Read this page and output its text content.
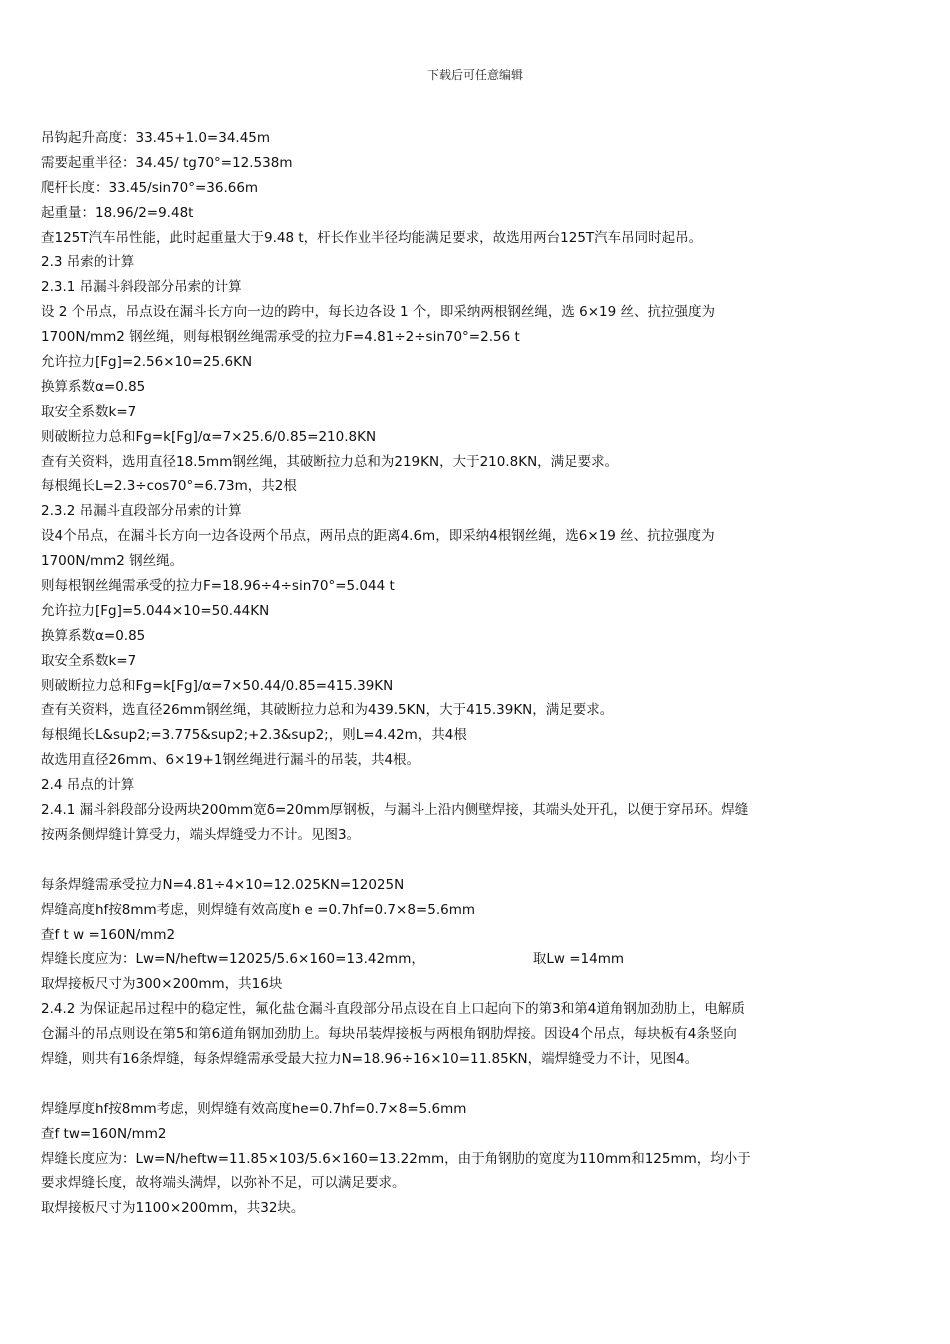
下载后可任意编辑
吊钩起升高度：33.45+1.0=34.45m
需要起重半径：34.45/ tg70°=12.538m
爬杆长度：33.45/sin70°=36.66m
起重量：18.96/2=9.48t
查125T汽车吊性能，此时起重量大于9.48 t，杆长作业半径均能满足要求，故选用两台125T汽车吊同时起吊。
2.3 吊索的计算
2.3.1 吊漏斗斜段部分吊索的计算
设 2 个吊点，吊点设在漏斗长方向一边的跨中，每长边各设 1 个，即采纳两根钢丝绳，选 6×19 丝、抗拉强度为
1700N/mm2 钢丝绳，则每根钢丝绳需承受的拉力F=4.81÷2÷sin70°=2.56 t
允许拉力[Fg]=2.56×10=25.6KN
换算系数α=0.85
取安全系数k=7
则破断拉力总和Fg=k[Fg]/α=7×25.6/0.85=210.8KN
查有关资料，选用直径18.5mm钢丝绳，其破断拉力总和为219KN，大于210.8KN，满足要求。
每根绳长L=2.3÷cos70°=6.73m，共2根
2.3.2 吊漏斗直段部分吊索的计算
设4个吊点，在漏斗长方向一边各设两个吊点，两吊点的距离4.6m，即采纳4根钢丝绳，选6×19 丝、抗拉强度为
1700N/mm2 钢丝绳。
则每根钢丝绳需承受的拉力F=18.96÷4÷sin70°=5.044 t
允许拉力[Fg]=5.044×10=50.44KN
换算系数α=0.85
取安全系数k=7
则破断拉力总和Fg=k[Fg]/α=7×50.44/0.85=415.39KN
查有关资料，选直径26mm钢丝绳，其破断拉力总和为439.5KN，大于415.39KN，满足要求。
每根绳长L&sup2;=3.775&sup2;+2.3&sup2;，则L=4.42m，共4根
故选用直径26mm、6×19+1钢丝绳进行漏斗的吊装，共4根。
2.4 吊点的计算
2.4.1 漏斗斜段部分设两块200mm宽δ=20mm厚钢板，与漏斗上沿内侧壁焊接，其端头处开孔，以便于穿吊环。焊缝
按两条侧焊缝计算受力，端头焊缝受力不计。见图3。
每条焊缝需承受拉力N=4.81÷4×10=12.025KN=12025N
焊缝高度hf按8mm考虑，则焊缝有效高度h e =0.7hf=0.7×8=5.6mm
查f t w =160N/mm2
焊缝长度应为：Lw=N/heftw=12025/5.6×160=13.42mm，	取Lw =14mm
取焊接板尺寸为300×200mm，共16块
2.4.2 为保证起吊过程中的稳定性，氟化盐仓漏斗直段部分吊点设在自上口起向下的第3和第4道角钢加劲肋上，电解质
仓漏斗的吊点则设在第5和第6道角钢加劲肋上。每块吊装焊接板与两根角钢肋焊接。因设4个吊点，每块板有4条竖向
焊缝，则共有16条焊缝，每条焊缝需承受最大拉力N=18.96÷16×10=11.85KN，端焊缝受力不计，见图4。
焊缝厚度hf按8mm考虑，则焊缝有效高度he=0.7hf=0.7×8=5.6mm
查f tw=160N/mm2
焊缝长度应为：Lw=N/heftw=11.85×103/5.6×160=13.22mm，由于角钢肋的宽度为110mm和125mm，均小于
要求焊缝长度，故将端头满焊，以弥补不足，可以满足要求。
取焊接板尺寸为1100×200mm，共32块。
